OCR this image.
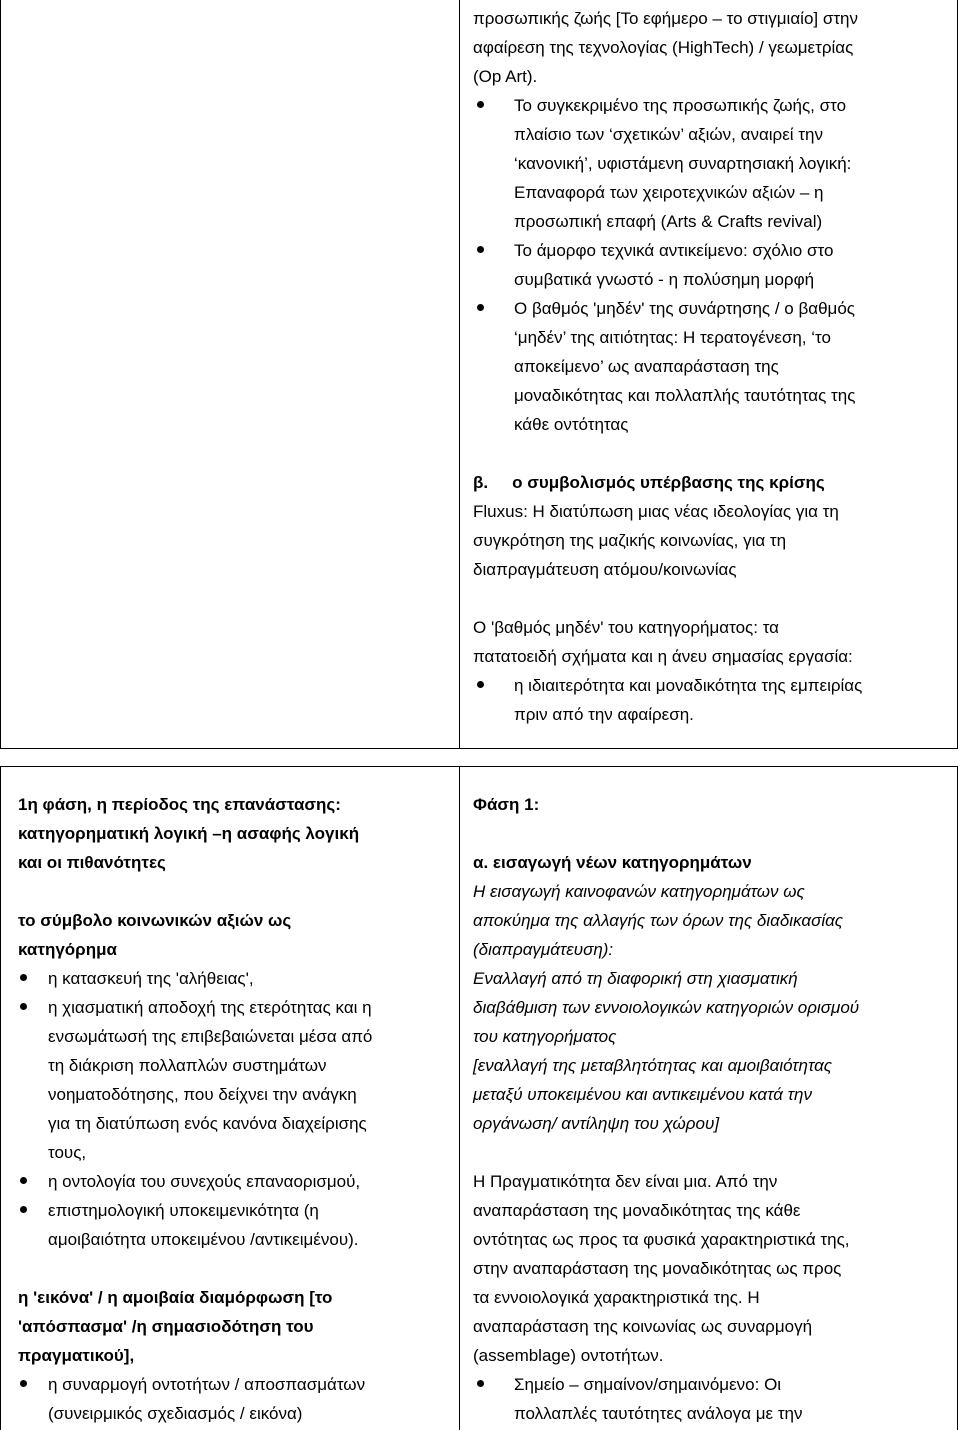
προσωπικής ζωής [Το εφήμερο – το στιγμιαίο] στην

αφαίρεση της τεχνολογίας (HighTech) / γεωμετρίας

(Op Art).

Το συγκεκριμένο της προσωπικής ζωής, στο

πλαίσιο των ‘σχετικών’ αξιών, αναιρεί την

‘κανονική’, υφιστάμενη συναρτησιακή λογική:

Επαναφορά των χειροτεχνικών αξιών – η

προσωπική επαφή (Arts & Crafts revival)

Το άμορφο τεχνικά αντικείμενο: σχόλιο στο

συμβατικά γνωστό - η πολύσημη μορφή

Ο βαθμός 'μηδέν' της συνάρτησης / ο βαθμός

‘μηδέν’ της αιτιότητας: Η τερατογένεση, ‘το

αποκείμενο’ ως αναπαράσταση της

μοναδικότητας και πολλαπλής ταυτότητας της

κάθε οντότητας

β. ο συμβολισμός υπέρβασης της κρίσης

Fluxus: Η διατύπωση μιας νέας ιδεολογίας για τη

συγκρότηση της μαζικής κοινωνίας, για τη

διαπραγμάτευση ατόμου/κοινωνίας

Ο 'βαθμός μηδέν' του κατηγορήματος: τα

πατατοειδή σχήματα και η άνευ σημασίας εργασία:

η ιδιαιτερότητα και μοναδικότητα της εμπειρίας

πριν από την αφαίρεση.

1η φάση, η περίοδος της επανάστασης:

κατηγορηματική λογική –η ασαφής λογική

και οι πιθανότητες

το σύμβολο κοινωνικών αξιών ως

κατηγόρημα

η κατασκευή της 'αλήθειας',

η χιασματική αποδοχή της ετερότητας και η

ενσωμάτωσή της επιβεβαιώνεται μέσα από

τη διάκριση πολλαπλών συστημάτων

νοηματοδότησης, που δείχνει την ανάγκη

για τη διατύπωση ενός κανόνα διαχείρισης

τους,

η οντολογία του συνεχούς επαναορισμού,

επιστημολογική υποκειμενικότητα (η

αμοιβαιότητα υποκειμένου /αντικειμένου).

η 'εικόνα' / η αμοιβαία διαμόρφωση [το

'απόσπασμα' /η σημασιοδότηση του

πραγματικού],

η συναρμογή οντοτήτων / αποσπασμάτων

(συνειρμικός σχεδιασμός / εικόνα)

Φάση 1:

α. εισαγωγή νέων κατηγορημάτων

Η εισαγωγή καινοφανών κατηγορημάτων ως

αποκύημα της αλλαγής των όρων της διαδικασίας

(διαπραγμάτευση):

Εναλλαγή από τη διαφορική στη χιασματική

διαβάθμιση των εννοιολογικών κατηγοριών ορισμού

του κατηγορήματος

[εναλλαγή της μεταβλητότητας και αμοιβαιότητας

μεταξύ υποκειμένου και αντικειμένου κατά την

οργάνωση/ αντίληψη του χώρου]

Η Πραγματικότητα δεν είναι μια. Από την

αναπαράσταση της μοναδικότητας της κάθε

οντότητας ως προς τα φυσικά χαρακτηριστικά της,

στην αναπαράσταση της μοναδικότητας ως προς

τα εννοιολογικά χαρακτηριστικά της. Η

αναπαράσταση της κοινωνίας ως συναρμογή

(assemblage) οντοτήτων.

Σημείο – σημαίνον/σημαινόμενο: Οι

πολλαπλές ταυτότητες ανάλογα με την
